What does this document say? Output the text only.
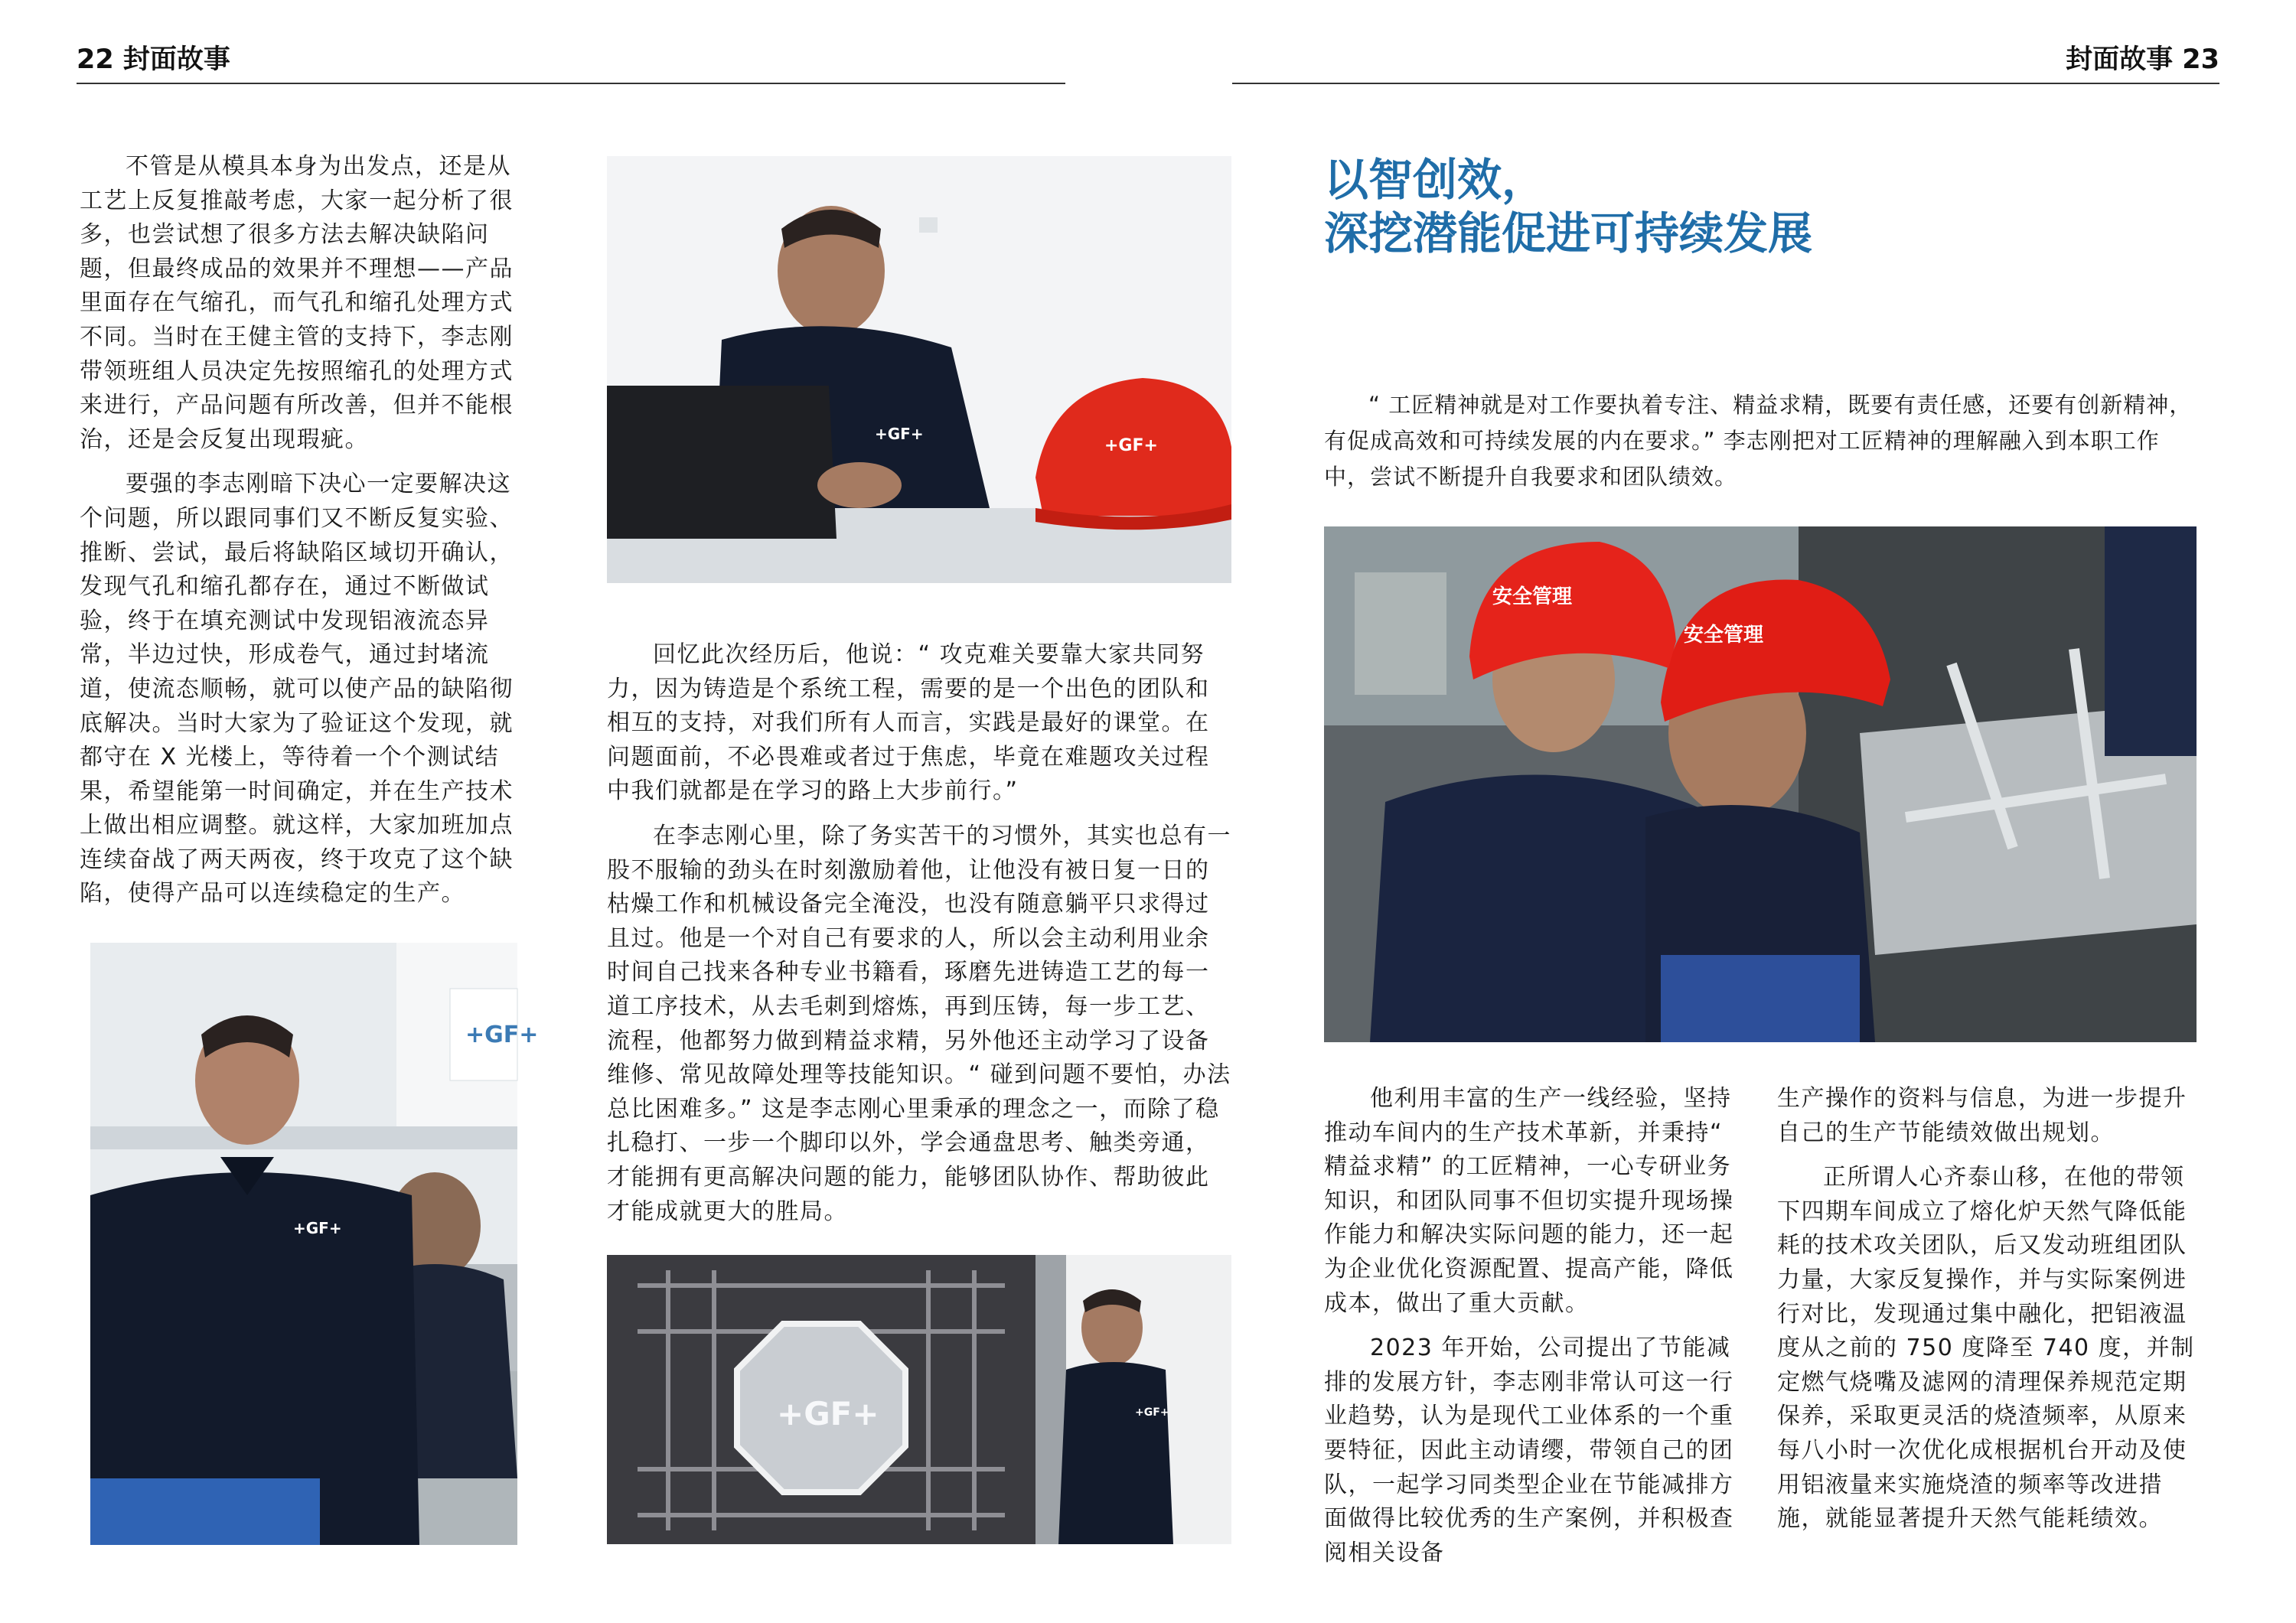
22 封面故事	封面故事 23

不管是从模具本身为出发点，还是从工艺上反复推敲考虑，大家一起分析了很多，也尝试想了很多方法去解决缺陷问题，但最终成品的效果并不理想——产品里面存在气缩孔，而气孔和缩孔处理方式不同。当时在王健主管的支持下，李志刚带领班组人员决定先按照缩孔的处理方式来进行，产品问题有所改善，但并不能根治，还是会反复出现瑕疵。

要强的李志刚暗下决心一定要解决这个问题，所以跟同事们又不断反复实验、推断、尝试，最后将缺陷区域切开确认，发现气孔和缩孔都存在，通过不断做试验，终于在填充测试中发现铝液流态异常，半边过快，形成卷气，通过封堵流道，使流态顺畅，就可以使产品的缺陷彻底解决。当时大家为了验证这个发现，就都守在 X 光楼上，等待着一个个测试结果，希望能第一时间确定，并在生产技术上做出相应调整。就这样，大家加班加点连续奋战了两天两夜，终于攻克了这个缺陷，使得产品可以连续稳定的生产。

+GF+
+GF+
+GF+
+GF+

回忆此次经历后，他说：“ 攻克难关要靠大家共同努力，因为铸造是个系统工程，需要的是一个出色的团队和相互的支持，对我们所有人而言，实践是最好的课堂。在问题面前，不必畏难或者过于焦虑，毕竟在难题攻关过程中我们就都是在学习的路上大步前行。”

在李志刚心里，除了务实苦干的习惯外，其实也总有一股不服输的劲头在时刻激励着他，让他没有被日复一日的枯燥工作和机械设备完全淹没，也没有随意躺平只求得过且过。他是一个对自己有要求的人，所以会主动利用业余时间自己找来各种专业书籍看，琢磨先进铸造工艺的每一道工序技术，从去毛刺到熔炼，再到压铸，每一步工艺、流程，他都努力做到精益求精，另外他还主动学习了设备维修、常见故障处理等技能知识。“ 碰到问题不要怕，办法总比困难多。” 这是李志刚心里秉承的理念之一，而除了稳扎稳打、一步一个脚印以外，学会通盘思考、触类旁通，才能拥有更高解决问题的能力，能够团队协作、帮助彼此才能成就更大的胜局。

+GF+	+GF+
以智创效，
深挖潜能促进可持续发展

“ 工匠精神就是对工作要执着专注、精益求精，既要有责任感，还要有创新精神，有促成高效和可持续发展的内在要求。” 李志刚把对工匠精神的理解融入到本职工作中，尝试不断提升自我要求和团队绩效。

安全管理
安全管理

他利用丰富的生产一线经验，坚持推动车间内的生产技术革新，并秉持“ 精益求精” 的工匠精神，一心专研业务知识，和团队同事不但切实提升现场操作能力和解决实际问题的能力，还一起为企业优化资源配置、提高产能，降低成本，做出了重大贡献。

2023 年开始，公司提出了节能减排的发展方针，李志刚非常认可这一行业趋势，认为是现代工业体系的一个重要特征，因此主动请缨，带领自己的团队，一起学习同类型企业在节能减排方面做得比较优秀的生产案例，并积极查阅相关设备

生产操作的资料与信息，为进一步提升自己的生产节能绩效做出规划。

正所谓人心齐泰山移，在他的带领下四期车间成立了熔化炉天然气降低能耗的技术攻关团队，后又发动班组团队力量，大家反复操作，并与实际案例进行对比，发现通过集中融化，把铝液温度从之前的 750 度降至 740 度，并制定燃气烧嘴及滤网的清理保养规范定期保养，采取更灵活的烧渣频率，从原来每八小时一次优化成根据机台开动及使用铝液量来实施烧渣的频率等改进措施，就能显著提升天然气能耗绩效。
